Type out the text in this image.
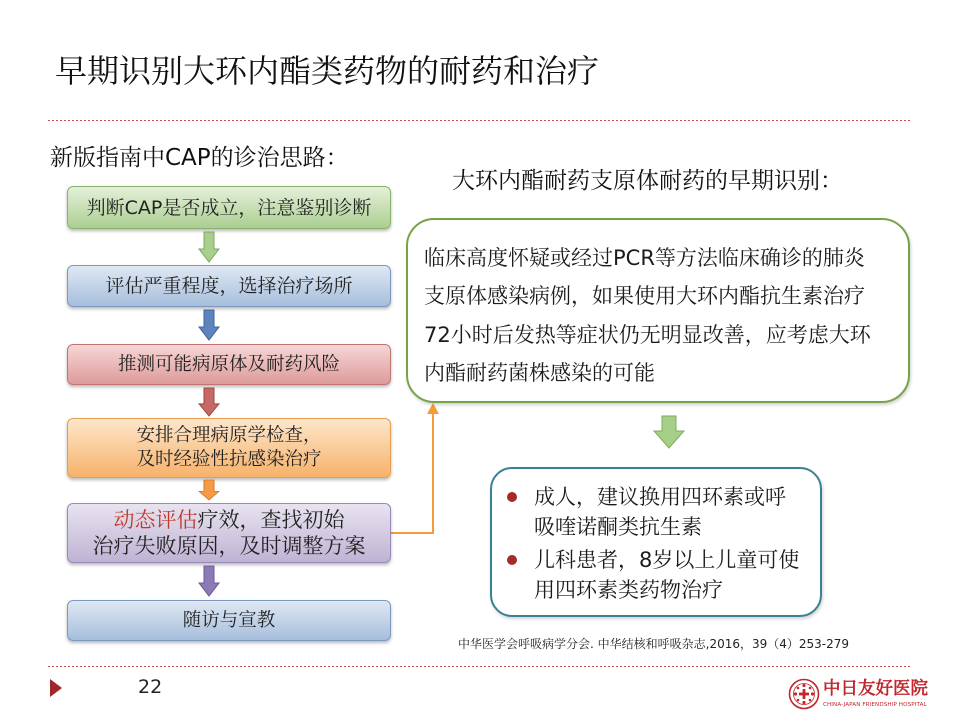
早期识别大环内酯类药物的耐药和治疗
新版指南中CAP的诊治思路：
判断CAP是否成立，注意鉴别诊断
评估严重程度，选择治疗场所
推测可能病原体及耐药风险
安排合理病原学检查，
及时经验性抗感染治疗
动态评估疗效，查找初始
治疗失败原因，及时调整方案
随访与宣教
大环内酯耐药支原体耐药的早期识别：
临床高度怀疑或经过PCR等方法临床确诊的肺炎
支原体感染病例，如果使用大环内酯抗生素治疗
72小时后发热等症状仍无明显改善，应考虑大环
内酯耐药菌株感染的可能
成人，建议换用四环素或呼
吸喹诺酮类抗生素
儿科患者，8岁以上儿童可使
用四环素类药物治疗
中华医学会呼吸病学分会. 中华结核和呼吸杂志,2016，39（4）253-279
22	中日友好医院
CHINA-JAPAN FRIENDSHIP HOSPITAL
